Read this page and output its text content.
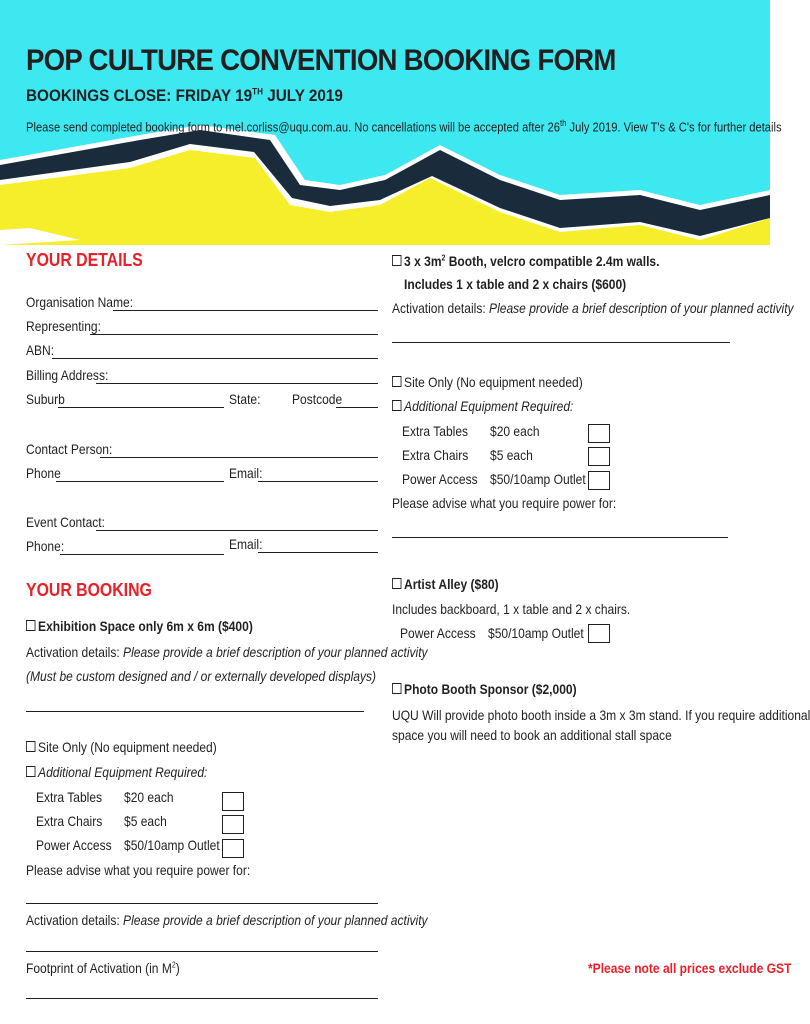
POP CULTURE CONVENTION BOOKING FORM
BOOKINGS CLOSE: FRIDAY 19TH JULY 2019
Please send completed booking form to mel.corliss@uqu.com.au. No cancellations will be accepted after 26th July 2019. View T's & C's for further details
YOUR DETAILS
Organisation Name:
Representing:
ABN:
Billing Address:
Suburb	State: Postcode
Contact Person:
Phone	Email:
Event Contact:
Phone:	Email:
YOUR BOOKING
Exhibition Space only 6m x 6m ($400)
Activation details: Please provide a brief description of your planned activity
(Must be custom designed and / or externally developed displays)
Site Only (No equipment needed)
Additional Equipment Required:
Extra Tables $20 each
Extra Chairs $5 each
Power Access $50/10amp Outlet
Please advise what you require power for:
Activation details: Please provide a brief description of your planned activity
Footprint of Activation (in $M^2$)
3 x $3m^2$ Booth, velcro compatible 2.4m walls.
Includes 1 x table and 2 x chairs ($600)
Activation details: Please provide a brief description of your planned activity
Site Only (No equipment needed)
Additional Equipment Required:
Extra Tables $20 each
Extra Chairs $5 each
Power Access $50/10amp Outlet
Please advise what you require power for:
Artist Alley ($80)
Includes backboard, 1 x table and 2 x chairs.
Power Access $50/10amp Outlet
Photo Booth Sponsor ($2,000)
UQU Will provide photo booth inside a 3m x 3m stand. If you require additional
space you will need to book an additional stall space
*Please note all prices exclude GST
